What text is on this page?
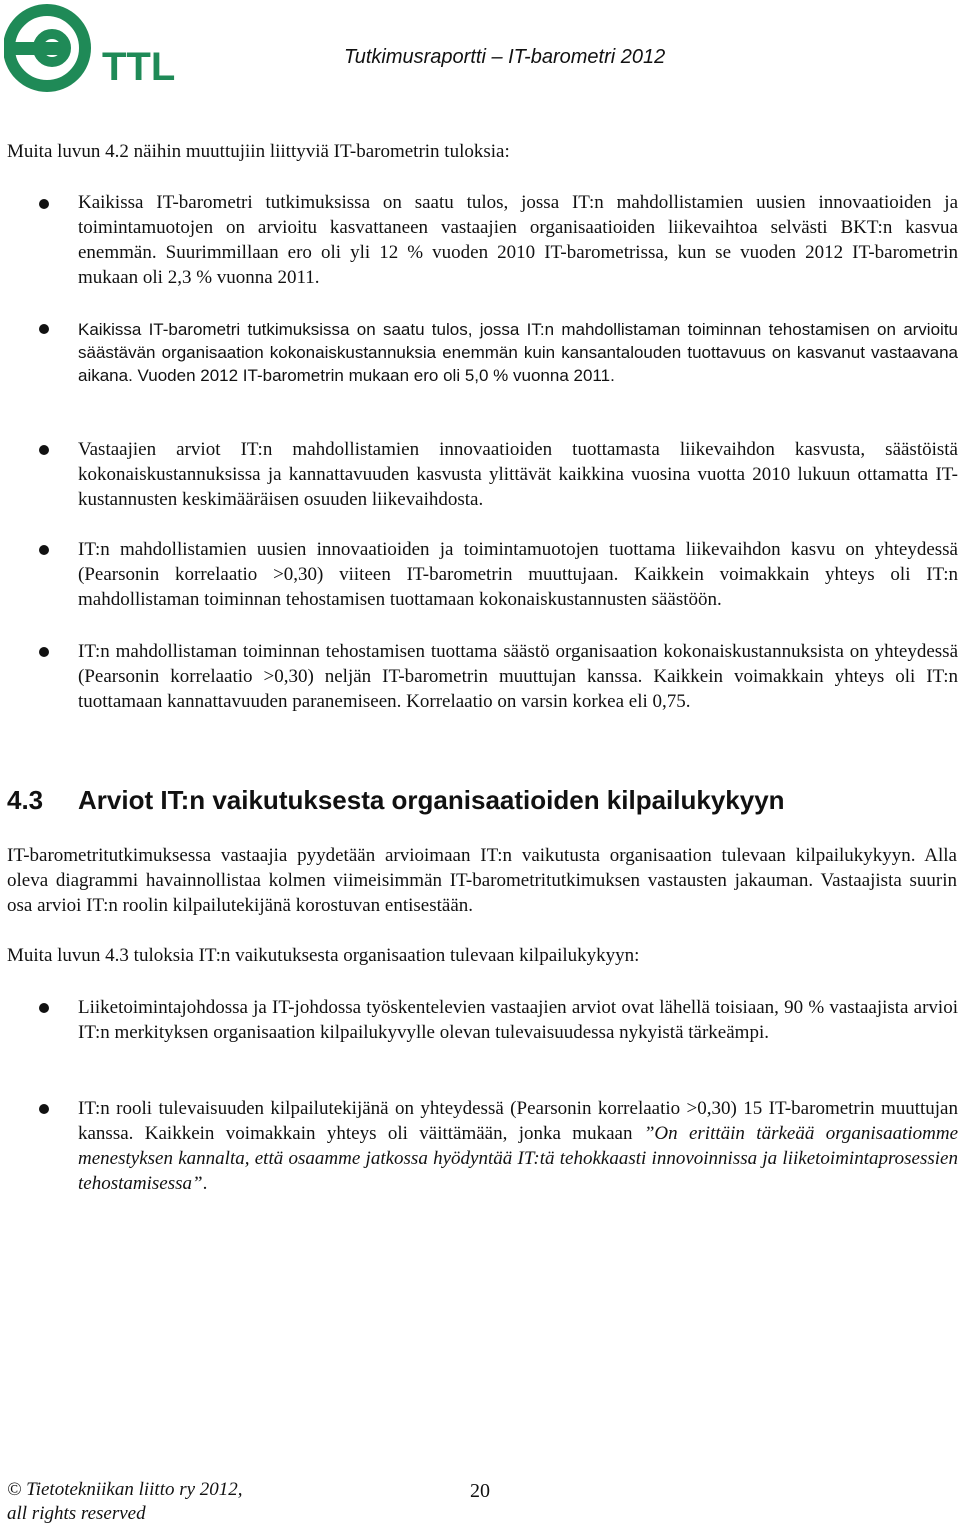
TTL	Tutkimusraportti – IT-barometri 2012
Muita luvun 4.2 näihin muuttujiin liittyviä IT-barometrin tuloksia:
Kaikissa IT-barometri tutkimuksissa on saatu tulos, jossa IT:n mahdollistamien uusien innovaatioiden ja toimintamuotojen on arvioitu kasvattaneen vastaajien organisaatioiden liikevaihtoa selvästi BKT:n kasvua enemmän. Suurimmillaan ero oli yli 12 % vuoden 2010 IT-barometrissa, kun se vuoden 2012 IT-barometrin mukaan oli 2,3 % vuonna 2011.
Kaikissa IT-barometri tutkimuksissa on saatu tulos, jossa IT:n mahdollistaman toiminnan tehostamisen on arvioitu säästävän organisaation kokonaiskustannuksia enemmän kuin kansantalouden tuottavuus on kasvanut vastaavana aikana. Vuoden 2012 IT-barometrin mukaan ero oli 5,0 % vuonna 2011.
Vastaajien arviot IT:n mahdollistamien innovaatioiden tuottamasta liikevaihdon kasvusta, säästöistä kokonaiskustannuksissa ja kannattavuuden kasvusta ylittävät kaikkina vuosina vuotta 2010 lukuun ottamatta IT-kustannusten keskimääräisen osuuden liikevaihdosta.
IT:n mahdollistamien uusien innovaatioiden ja toimintamuotojen tuottama liikevaihdon kasvu on yhteydessä (Pearsonin korrelaatio >0,30) viiteen IT-barometrin muuttujaan. Kaikkein voimakkain yhteys oli IT:n mahdollistaman toiminnan tehostamisen tuottamaan kokonaiskustannusten säästöön.
IT:n mahdollistaman toiminnan tehostamisen tuottama säästö organisaation kokonaiskustannuksista on yhteydessä (Pearsonin korrelaatio >0,30) neljän IT-barometrin muuttujan kanssa. Kaikkein voimakkain yhteys oli IT:n tuottamaan kannattavuuden paranemiseen. Korrelaatio on varsin korkea eli 0,75.
4.3 Arviot IT:n vaikutuksesta organisaatioiden kilpailukykyyn
IT-barometritutkimuksessa vastaajia pyydetään arvioimaan IT:n vaikutusta organisaation tulevaan kilpailukykyyn. Alla oleva diagrammi havainnollistaa kolmen viimeisimmän IT-barometritutkimuksen vastausten jakauman. Vastaajista suurin osa arvioi IT:n roolin kilpailutekijänä korostuvan entisestään.
Muita luvun 4.3 tuloksia IT:n vaikutuksesta organisaation tulevaan kilpailukykyyn:
Liiketoimintajohdossa ja IT-johdossa työskentelevien vastaajien arviot ovat lähellä toisiaan, 90 % vastaajista arvioi IT:n merkityksen organisaation kilpailukyvylle olevan tulevaisuudessa nykyistä tärkeämpi.
IT:n rooli tulevaisuuden kilpailutekijänä on yhteydessä (Pearsonin korrelaatio >0,30) 15 IT-barometrin muuttujan kanssa. Kaikkein voimakkain yhteys oli väittämään, jonka mukaan ”On erittäin tärkeää organisaatiomme menestyksen kannalta, että osaamme jatkossa hyödyntää IT:tä tehokkaasti innovoinnissa ja liiketoimintaprosessien tehostamisessa”.
© Tietotekniikan liitto ry 2012,
all rights reserved
20
